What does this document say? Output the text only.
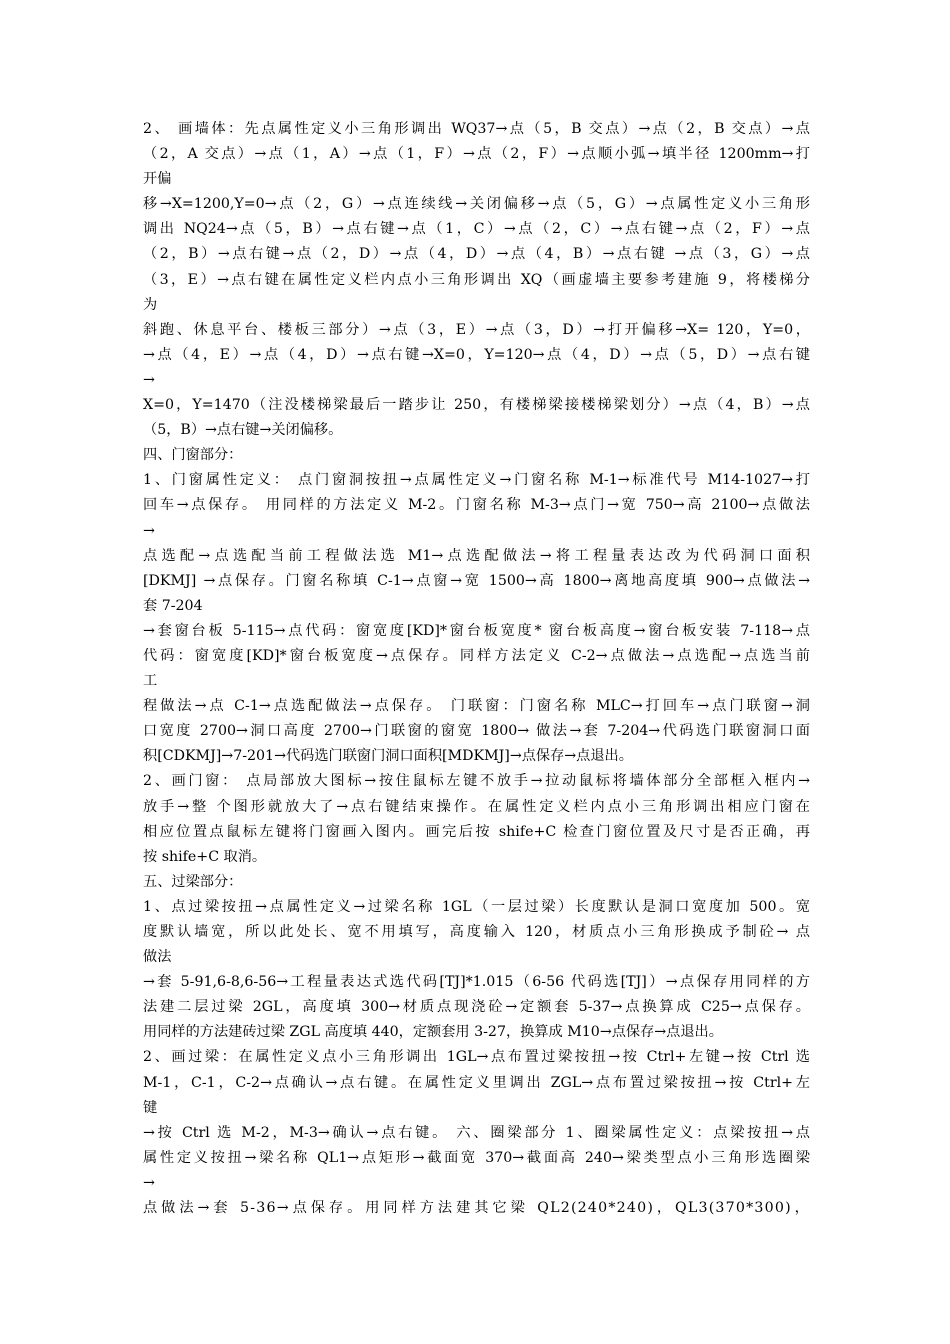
2、 画墙体：先点属性定义小三角形调出 WQ37→点（5，B 交点）→点（2，B 交点）→点
（2，A 交点）→点（1，A）→点（1，F）→点（2，F）→点顺小弧→填半径 1200mm→打
开偏
移→X=1200,Y=0→点（2，G）→点连续线→关闭偏移→点（5，G）→点属性定义小三角形
调出 NQ24→点（5，B）→点右键→点（1，C）→点（2，C）→点右键→点（2，F）→点
（2，B）→点右键→点（2，D）→点（4，D）→点（4，B）→点右键 →点（3，G）→点
（3，E）→点右键在属性定义栏内点小三角形调出 XQ（画虚墙主要参考建施 9，将楼梯分
为
斜跑、休息平台、楼板三部分）→点（3，E）→点（3，D）→打开偏移→X= 120，Y=0，
→点（4，E）→点（4，D）→点右键→X=0，Y=120→点（4，D）→点（5，D）→点右键
→
X=0，Y=1470（注没楼梯梁最后一踏步让 250，有楼梯梁接楼梯梁划分）→点（4，B）→点
（5，B）→点右键→关闭偏移。
四、门窗部分：
1、门窗属性定义： 点门窗洞按扭→点属性定义→门窗名称 M-1→标准代号 M14-1027→打
回车→点保存。 用同样的方法定义 M-2。门窗名称 M-3→点门→宽 750→高 2100→点做法
→
点选配→点选配当前工程做法选 M1→点选配做法→将工程量表达改为代码洞口面积
[DKMJ] →点保存。门窗名称填 C-1→点窗→宽 1500→高 1800→离地高度填 900→点做法→
套 7-204
→套窗台板 5-115→点代码：窗宽度[KD]*窗台板宽度* 窗台板高度→窗台板安装 7-118→点
代码：窗宽度[KD]*窗台板宽度→点保存。同样方法定义 C-2→点做法→点选配→点选当前
工
程做法→点 C-1→点选配做法→点保存。 门联窗：门窗名称 MLC→打回车→点门联窗→洞
口宽度 2700→洞口高度 2700→门联窗的窗宽 1800→ 做法→套 7-204→代码选门联窗洞口面
积[CDKMJ]→7-201→代码选门联窗门洞口面积[MDKMJ]→点保存→点退出。
2、画门窗： 点局部放大图标→按住鼠标左键不放手→拉动鼠标将墙体部分全部框入框内→
放手→整 个图形就放大了→点右键结束操作。在属性定义栏内点小三角形调出相应门窗在
相应位置点鼠标左键将门窗画入图内。画完后按 shife+C 检查门窗位置及尺寸是否正确，再
按 shife+C 取消。
五、过梁部分：
1、点过梁按扭→点属性定义→过梁名称 1GL（一层过梁）长度默认是洞口宽度加 500。宽
度默认墙宽，所以此处长、宽不用填写，高度输入 120，材质点小三角形换成予制砼→ 点
做法
→套 5-91,6-8,6-56→工程量表达式选代码[TJ]*1.015（6-56 代码选[TJ]）→点保存用同样的方
法建二层过梁 2GL，高度填 300→材质点现浇砼→定额套 5-37→点换算成 C25→点保存。
用同样的方法建砖过梁 ZGL 高度填 440，定额套用 3-27，换算成 M10→点保存→点退出。
2、画过梁：在属性定义点小三角形调出 1GL→点布置过梁按扭→按 Ctrl+左键→按 Ctrl 选
M-1，C-1，C-2→点确认→点右键。在属性定义里调出 ZGL→点布置过梁按扭→按 Ctrl+左
键
→按 Ctrl 选 M-2，M-3→确认→点右键。 六、圈梁部分 1、圈梁属性定义：点梁按扭→点
属性定义按扭→梁名称 QL1→点矩形→截面宽 370→截面高 240→梁类型点小三角形选圈梁
→
点做法→套 5-36→点保存。用同样方法建其它梁 QL2(240*240)，QL3(370*300)，
